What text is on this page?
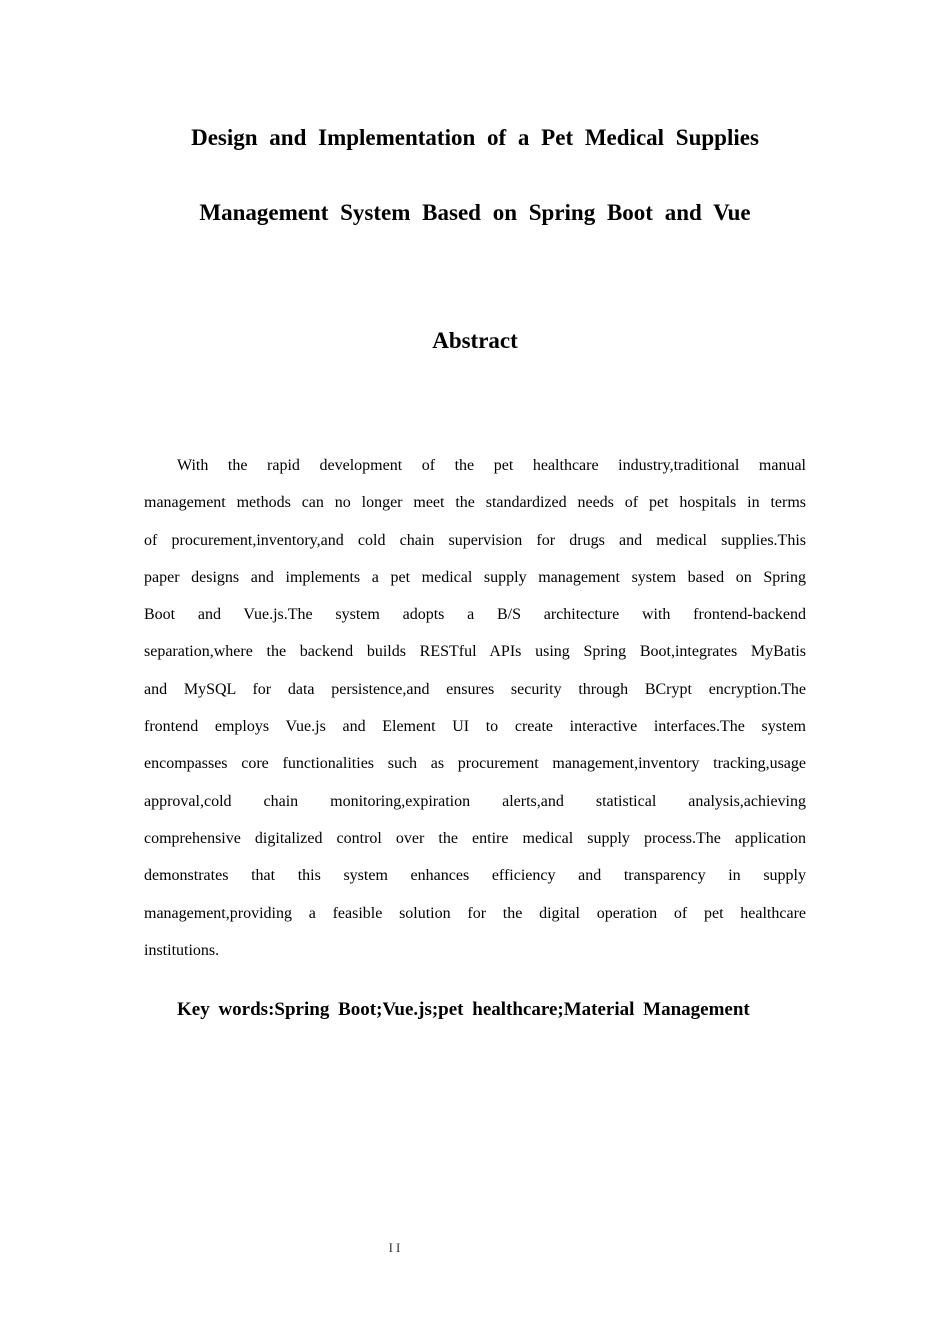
Design and Implementation of a Pet Medical Supplies
Management System Based on Spring Boot and Vue
Abstract
With the rapid development of the pet healthcare industry,traditional manual
management methods can no longer meet the standardized needs of pet hospitals in terms
of procurement,inventory,and cold chain supervision for drugs and medical supplies.This
paper designs and implements a pet medical supply management system based on Spring
Boot and Vue.js.The system adopts a B/S architecture with frontend-backend
separation,where the backend builds RESTful APIs using Spring Boot,integrates MyBatis
and MySQL for data persistence,and ensures security through BCrypt encryption.The
frontend employs Vue.js and Element UI to create interactive interfaces.The system
encompasses core functionalities such as procurement management,inventory tracking,usage
approval,cold chain monitoring,expiration alerts,and statistical analysis,achieving
comprehensive digitalized control over the entire medical supply process.The application
demonstrates that this system enhances efficiency and transparency in supply
management,providing a feasible solution for the digital operation of pet healthcare
institutions.
Key words:Spring Boot;Vue.js;pet healthcare;Material Management
II
